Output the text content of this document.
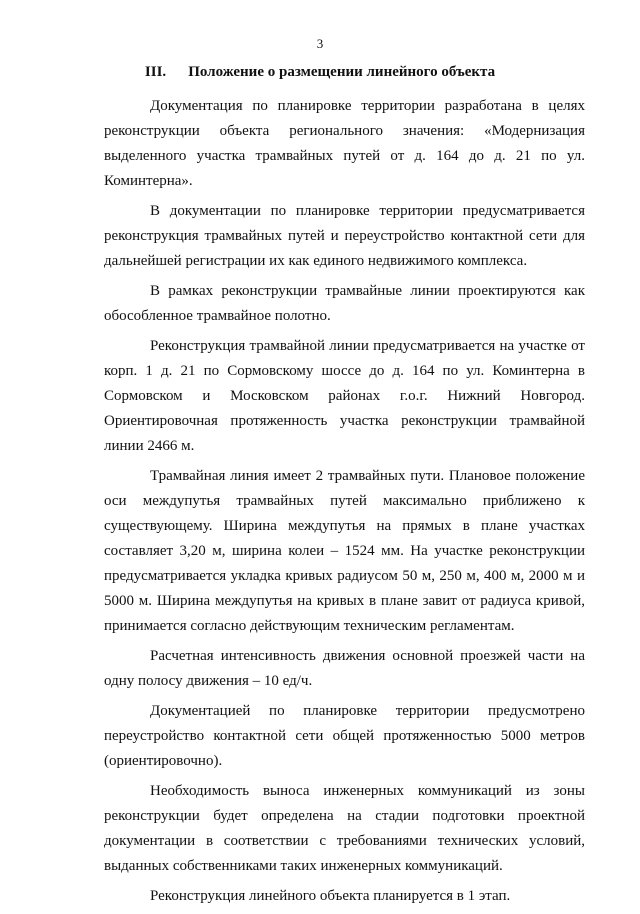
3
III. Положение о размещении линейного объекта

Документация по планировке территории разработана в целях реконструкции объекта регионального значения: «Модернизация выделенного участка трамвайных путей от д. 164 до д. 21 по ул. Коминтерна».

В документации по планировке территории предусматривается реконструкция трамвайных путей и переустройство контактной сети для дальнейшей регистрации их как единого недвижимого комплекса.

В рамках реконструкции трамвайные линии проектируются как обособленное трамвайное полотно.

Реконструкция трамвайной линии предусматривается на участке от корп. 1 д. 21 по Сормовскому шоссе до д. 164 по ул. Коминтерна в Сормовском и Московском районах г.о.г. Нижний Новгород. Ориентировочная протяженность участка реконструкции трамвайной линии 2466 м.

Трамвайная линия имеет 2 трамвайных пути. Плановое положение оси междупутья трамвайных путей максимально приближено к существующему. Ширина междупутья на прямых в плане участках составляет 3,20 м, ширина колеи – 1524 мм. На участке реконструкции предусматривается укладка кривых радиусом 50 м, 250 м, 400 м, 2000 м и 5000 м. Ширина междупутья на кривых в плане завит от радиуса кривой, принимается согласно действующим техническим регламентам.

Расчетная интенсивность движения основной проезжей части на одну полосу движения – 10 ед/ч.

Документацией по планировке территории предусмотрено переустройство контактной сети общей протяженностью 5000 метров (ориентировочно).

Необходимость выноса инженерных коммуникаций из зоны реконструкции будет определена на стадии подготовки проектной документации в соответствии с требованиями технических условий, выданных собственниками таких инженерных коммуникаций.

Реконструкция линейного объекта планируется в 1 этап.
